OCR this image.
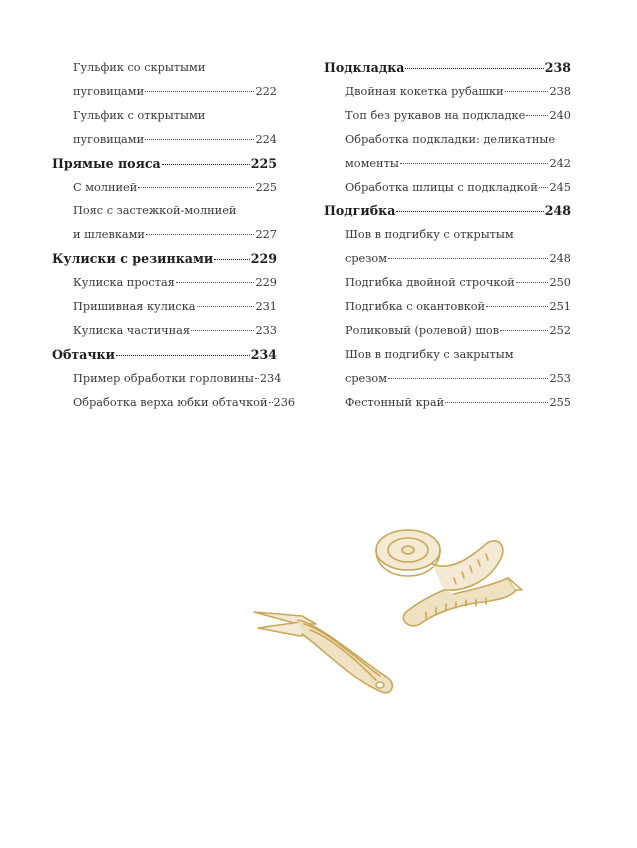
Гульфик со скрытыми
пуговицами	222
Гульфик с открытыми
пуговицами	224
Прямые пояса	225
С молнией	225
Пояс с застежкой-молнией
и шлевками	227
Кулиски с резинками	229
Кулиска простая	229
Пришивная кулиска	231
Кулиска частичная	233
Обтачки	234
Пример обработки горловины 234
Обработка верха юбки обтачкой 236
Подкладка	238
Двойная кокетка рубашки	238
Топ без рукавов на подкладке 240
Обработка подкладки: деликатные
моменты	242
Обработка шлицы с подкладкой 245
Подгибка	248
Шов в подгибку с открытым
срезом	248
Подгибка двойной строчкой	250
Подгибка с окантовкой	251
Роликовый (ролевой) шов	252
Шов в подгибку с закрытым
срезом	253
Фестонный край	255
